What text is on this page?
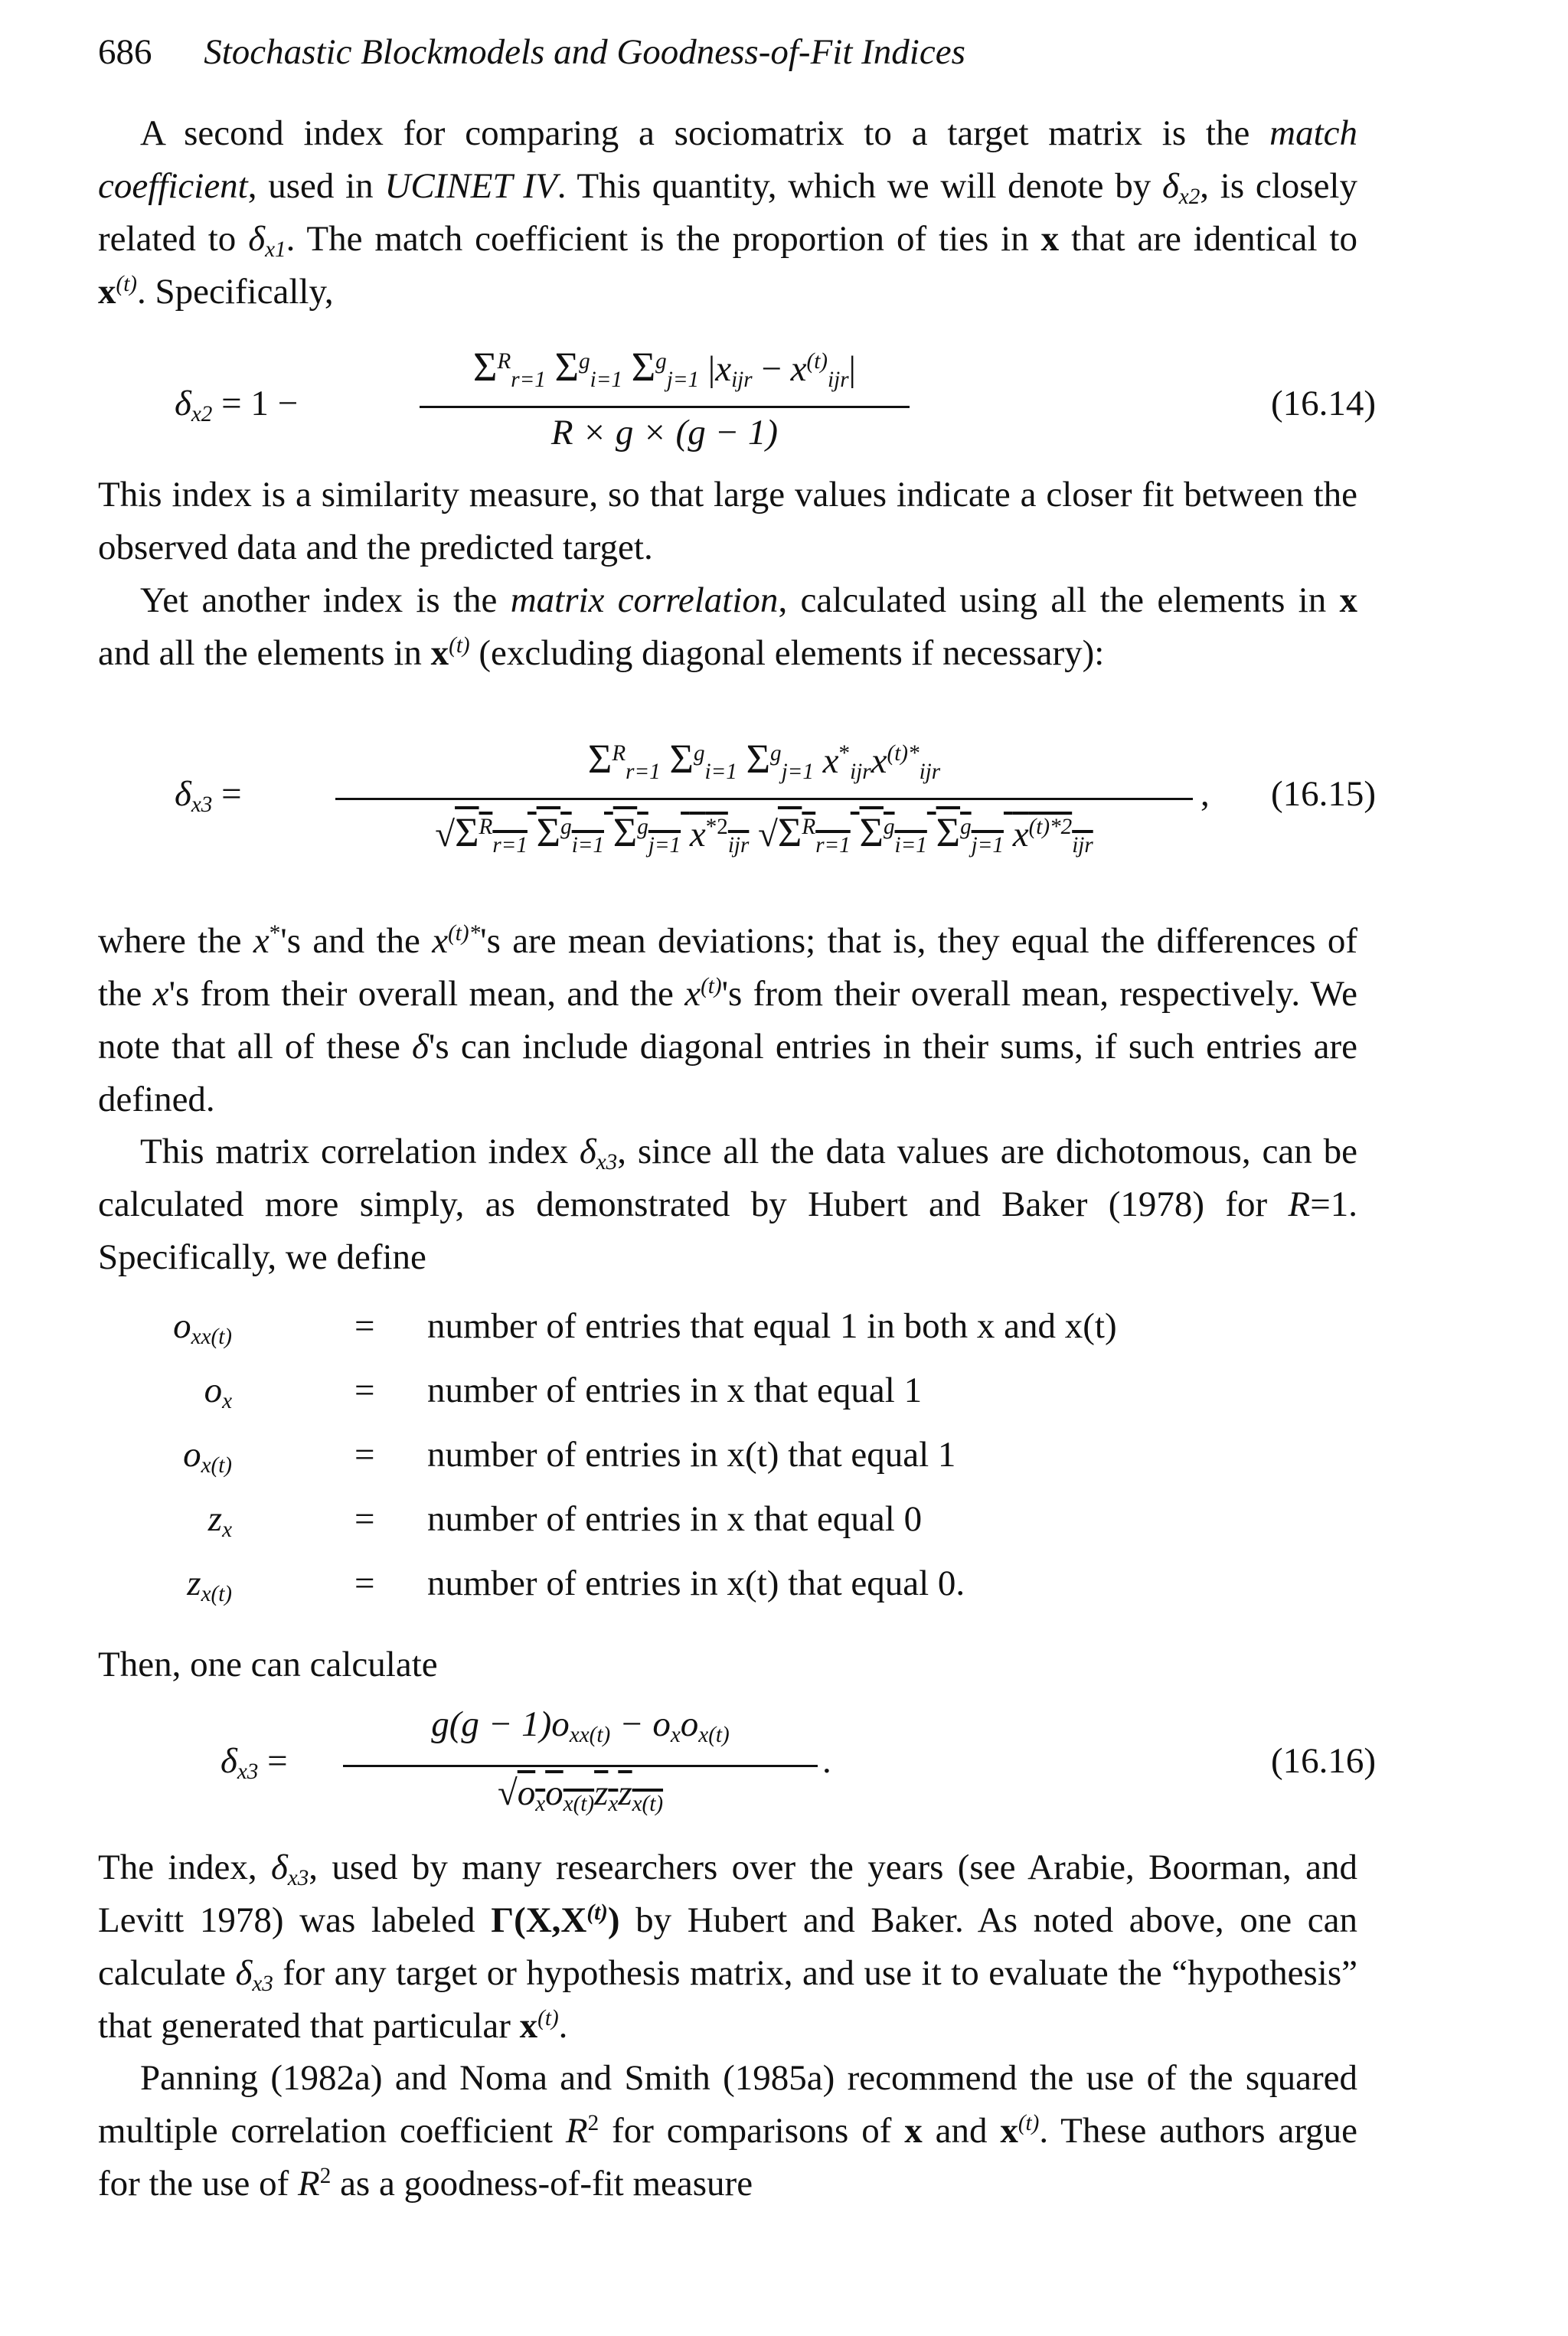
686 Stochastic Blockmodels and Goodness-of-Fit Indices

A second index for comparing a sociomatrix to a target matrix is the match coefficient, used in UCINET IV. This quantity, which we will denote by $\delta_{x2}$, is closely related to $\delta_{x1}$. The match coefficient is the proportion of ties in x that are identical to $x^{(t)}$. Specifically,

$\delta_{x2} = 1$ −
$\Sigma^R_{r=1}$ $\Sigma^g_{i=1}$ $\Sigma^g_{j=1}$ $|x_{ijr} - x^{(t)}_{ijr}|$
R × g × (g − 1)
(16.14)

This index is a similarity measure, so that large values indicate a closer fit between the observed data and the predicted target.

Yet another index is the matrix correlation, calculated using all the elements in x and all the elements in $x^{(t)}$ (excluding diagonal elements if necessary):

$\delta_{x3}$ =
$\Sigma^R_{r=1}$ $\Sigma^g_{i=1}$ $\Sigma^g_{j=1}$ $x^*_{ijr}x^{(t)*}_{ijr}$
$√\Sigma^R_{r=1}$ $\Sigma^g_{i=1}$ $\Sigma^g_{j=1}$ $x^{*2}_{ijr}$ $√\Sigma^R_{r=1}$ $\Sigma^g_{i=1}$ $\Sigma^g_{j=1}$ $x^{(t)*2}_{ijr}$
, (16.15)

where the x*'s and the $x^{(t)*}'s$ are mean deviations; that is, they equal the differences of the x's from their overall mean, and the $x^{(t)}'s$ from their overall mean, respectively. We note that all of these δ's can include diagonal entries in their sums, if such entries are defined.

This matrix correlation index $\delta_{x3}$, since all the data values are dichotomous, can be calculated more simply, as demonstrated by Hubert and Baker (1978) for R=1. Specifically, we define

$o_{xx(t)}$	= number of entries that equal 1 in both x and x(t)
$o_x$	= number of entries in x that equal 1
$o_{x(t)}$	= number of entries in x(t) that equal 1
$z_x$	= number of entries in x that equal 0
$z_{x(t)}$	= number of entries in x(t) that equal 0.

Then, one can calculate

$\delta_{x3}$ =
$g(g - 1)o_{xx(t)} - o_xo_{x(t)}$
$√o_xo_{x(t)}z_xz_{x(t)}$
.	(16.16)

The index, $\delta_{x3}$, used by many researchers over the years (see Arabie, Boorman, and Levitt 1978) was labeled $\Gamma(X,X^{(t)})$ by Hubert and Baker. As noted above, one can calculate $\delta_{x3}$ for any target or hypothesis matrix, and use it to evaluate the “hypothesis” that generated that particular $x^{(t)}$.

Panning (1982a) and Noma and Smith (1985a) recommend the use of the squared multiple correlation coefficient $R^2$ for comparisons of x and $x^{(t)}$. These authors argue for the use of $R^2$ as a goodness-of-fit measure
